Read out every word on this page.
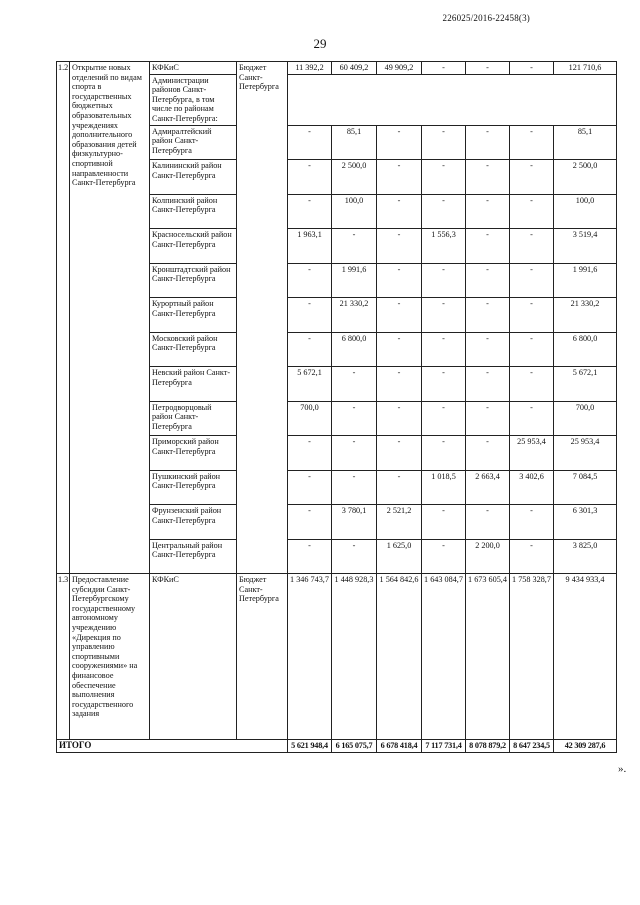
226025/2016-22458(3)
29
1.2	Открытие новых отделений по видам спорта в государственных бюджетных образовательных учреждениях дополнительного образования детей физкультурно-спортивной направленности Санкт-Петербурга	КФКиС	Бюджет Санкт-Петербурга	11 392,2	60 409,2	49 909,2	-	-	-	121 710,6
		Администрации районов Санкт-Петербурга, в том числе по районам Санкт-Петербурга:								
		Адмиралтейский район Санкт-Петербурга		-	85,1	-	-	-	-	85,1
		Калининский район Санкт-Петербурга		-	2 500,0	-	-	-	-	2 500,0
		Колпинский район Санкт-Петербурга		-	100,0	-	-	-	-	100,0
		Красносельский район Санкт-Петербурга		1 963,1	-	-	1 556,3	-	-	3 519,4
		Кронштадтский район Санкт-Петербурга		-	1 991,6	-	-	-	-	1 991,6
		Курортный район Санкт-Петербурга		-	21 330,2	-	-	-	-	21 330,2
		Московский район Санкт-Петербурга		-	6 800,0	-	-	-	-	6 800,0
		Невский район Санкт-Петербурга		5 672,1	-	-	-	-	-	5 672,1
		Петродворцовый район Санкт-Петербурга		700,0	-	-	-	-	-	700,0
		Приморский район Санкт-Петербурга		-	-	-	-	-	25 953,4	25 953,4
		Пушкинский район Санкт-Петербурга		-	-	-	1 018,5	2 663,4	3 402,6	7 084,5
		Фрунзенский район Санкт-Петербурга		-	3 780,1	2 521,2	-	-	-	6 301,3
		Центральный район Санкт-Петербурга		-	-	1 625,0	-	2 200,0	-	3 825,0
1.3	Предоставление субсидии Санкт-Петербургскому государственному автономному учреждению «Дирекция по управлению спортивными сооружениями» на финансовое обеспечение выполнения государственного задания	КФКиС	Бюджет Санкт-Петербурга	1 346 743,7	1 448 928,3	1 564 842,6	1 643 084,7	1 673 605,4	1 758 328,7	9 434 933,4
ИТОГО				5 621 948,4	6 165 075,7	6 678 418,4	7 117 731,4	8 078 879,2	8 647 234,5	42 309 287,6
».
